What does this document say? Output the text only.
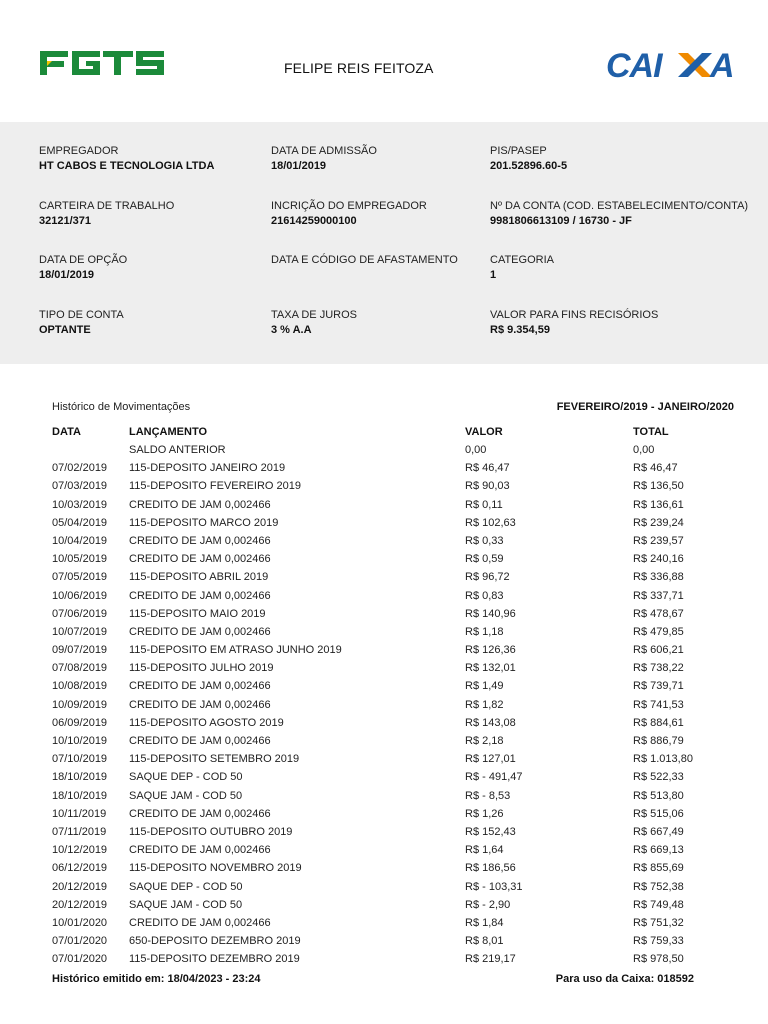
FELIPE REIS FEITOZA	CAI A
EMPREGADOR
HT CABOS E TECNOLOGIA LTDA
DATA DE ADMISSÃO
18/01/2019
PIS/PASEP
201.52896.60-5
CARTEIRA DE TRABALHO
32121/371
INCRIÇÃO DO EMPREGADOR
21614259000100
Nº DA CONTA (COD. ESTABELECIMENTO/CONTA)
9981806613109 / 16730 - JF
DATA DE OPÇÃO
18/01/2019
DATA E CÓDIGO DE AFASTAMENTO	CATEGORIA
1
TIPO DE CONTA
OPTANTE
TAXA DE JUROS
3 % A.A
VALOR PARA FINS RECISÓRIOS
R$ 9.354,59
Histórico de Movimentações	FEVEREIRO/2019 - JANEIRO/2020
DATA	LANÇAMENTO	VALOR	TOTAL
SALDO ANTERIOR	0,00	0,00
07/02/2019 115-DEPOSITO JANEIRO 2019	R$ 46,47	R$ 46,47
07/03/2019 115-DEPOSITO FEVEREIRO 2019	R$ 90,03	R$ 136,50
10/03/2019 CREDITO DE JAM 0,002466	R$ 0,11	R$ 136,61
05/04/2019 115-DEPOSITO MARCO 2019	R$ 102,63	R$ 239,24
10/04/2019 CREDITO DE JAM 0,002466	R$ 0,33	R$ 239,57
10/05/2019 CREDITO DE JAM 0,002466	R$ 0,59	R$ 240,16
07/05/2019 115-DEPOSITO ABRIL 2019	R$ 96,72	R$ 336,88
10/06/2019 CREDITO DE JAM 0,002466	R$ 0,83	R$ 337,71
07/06/2019 115-DEPOSITO MAIO 2019	R$ 140,96	R$ 478,67
10/07/2019 CREDITO DE JAM 0,002466	R$ 1,18	R$ 479,85
09/07/2019 115-DEPOSITO EM ATRASO JUNHO 2019	R$ 126,36	R$ 606,21
07/08/2019 115-DEPOSITO JULHO 2019	R$ 132,01	R$ 738,22
10/08/2019 CREDITO DE JAM 0,002466	R$ 1,49	R$ 739,71
10/09/2019 CREDITO DE JAM 0,002466	R$ 1,82	R$ 741,53
06/09/2019 115-DEPOSITO AGOSTO 2019	R$ 143,08	R$ 884,61
10/10/2019 CREDITO DE JAM 0,002466	R$ 2,18	R$ 886,79
07/10/2019 115-DEPOSITO SETEMBRO 2019	R$ 127,01	R$ 1.013,80
18/10/2019 SAQUE DEP - COD 50	R$ - 491,47	R$ 522,33
18/10/2019 SAQUE JAM - COD 50	R$ - 8,53	R$ 513,80
10/11/2019 CREDITO DE JAM 0,002466	R$ 1,26	R$ 515,06
07/11/2019 115-DEPOSITO OUTUBRO 2019	R$ 152,43	R$ 667,49
10/12/2019 CREDITO DE JAM 0,002466	R$ 1,64	R$ 669,13
06/12/2019 115-DEPOSITO NOVEMBRO 2019	R$ 186,56	R$ 855,69
20/12/2019 SAQUE DEP - COD 50	R$ - 103,31	R$ 752,38
20/12/2019 SAQUE JAM - COD 50	R$ - 2,90	R$ 749,48
10/01/2020 CREDITO DE JAM 0,002466	R$ 1,84	R$ 751,32
07/01/2020 650-DEPOSITO DEZEMBRO 2019	R$ 8,01	R$ 759,33
07/01/2020 115-DEPOSITO DEZEMBRO 2019	R$ 219,17	R$ 978,50
Histórico emitido em: 18/04/2023 - 23:24	Para uso da Caixa: 018592
